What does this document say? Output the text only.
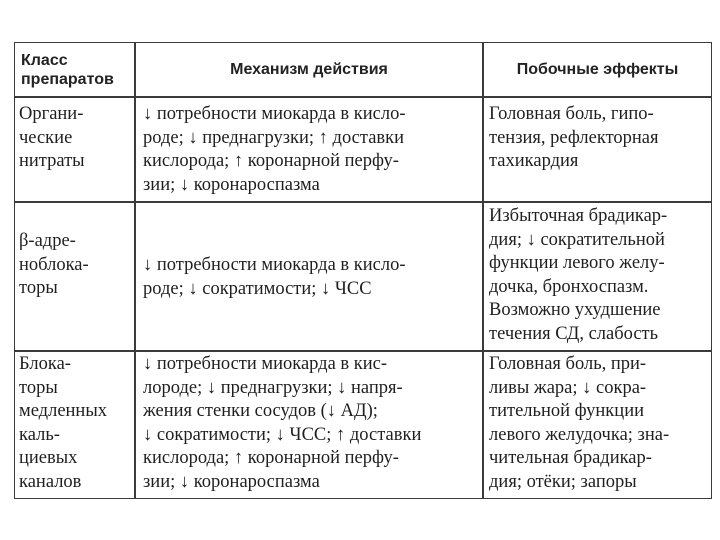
Класс
препаратов
Механизм действия	Побочные эффекты
Органи-
ческие
нитраты
↓ потребности миокарда в кисло-
роде; ↓ преднагрузки; ↑ доставки
кислорода; ↑ коронарной перфу-
зии; ↓ коронароспазма
Головная боль, гипо-
тензия, рефлекторная
тахикардия
β-адре-
ноблока-
торы
↓ потребности миокарда в кисло-
роде; ↓ сократимости; ↓ ЧСС
Избыточная брадикар-
дия; ↓ сократительной
функции левого желу-
дочка, бронхоспазм.
Возможно ухудшение
течения СД, слабость
Блока-
торы
медленных
каль-
циевых
каналов
↓ потребности миокарда в кис-
лороде; ↓ преднагрузки; ↓ напря-
жения стенки сосудов (↓ АД);
↓ сократимости; ↓ ЧСС; ↑ доставки
кислорода; ↑ коронарной перфу-
зии; ↓ коронароспазма
Головная боль, при-
ливы жара; ↓ сокра-
тительной функции
левого желудочка; зна-
чительная брадикар-
дия; отёки; запоры
